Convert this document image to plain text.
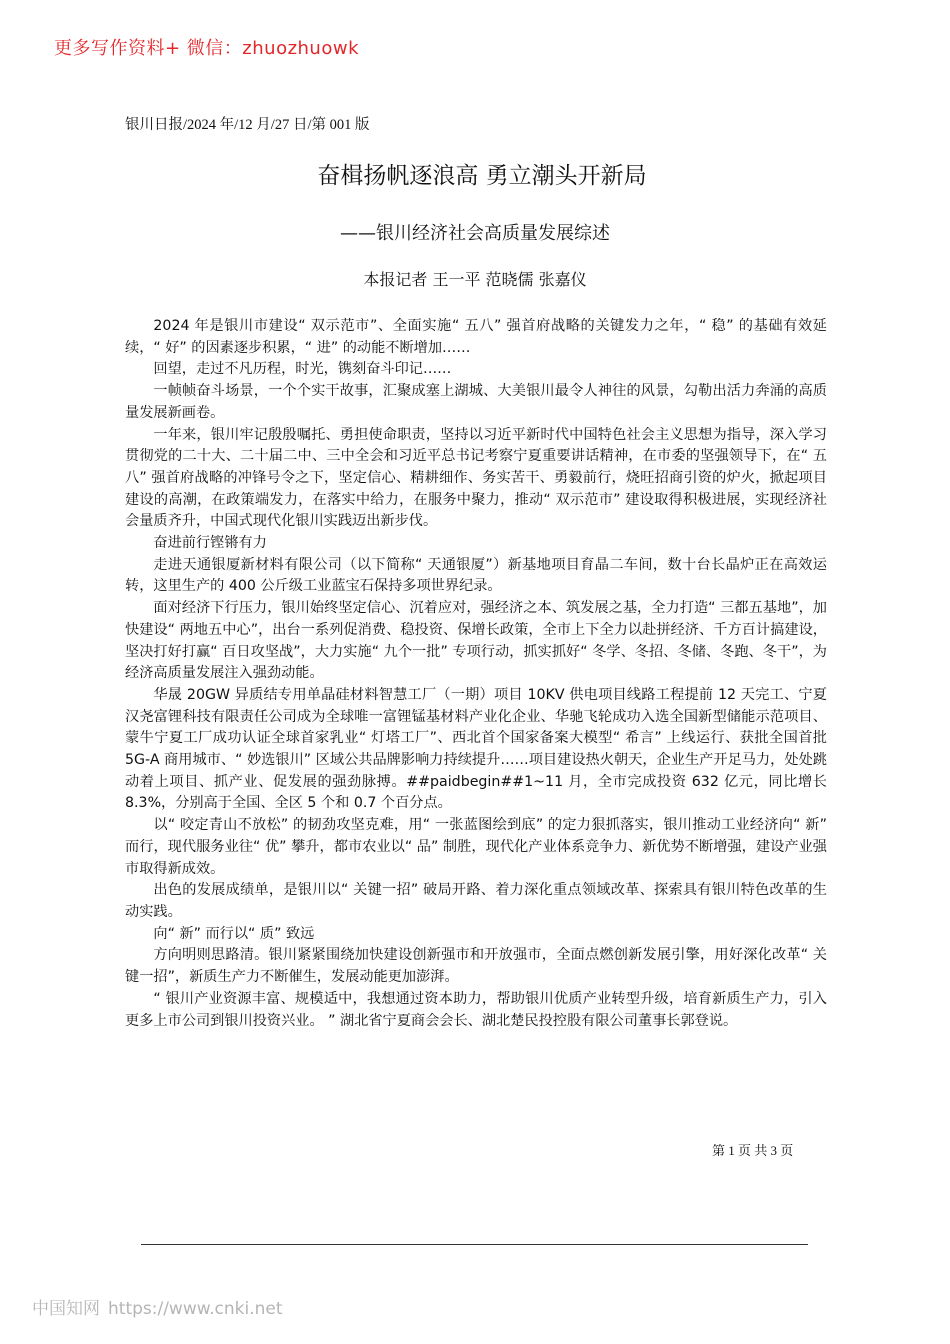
更多写作资料+ 微信：zhuozhuowk
银川日报/2024 年/12 月/27 日/第 001 版
奋楫扬帆逐浪高 勇立潮头开新局
——银川经济社会高质量发展综述
本报记者 王一平 范晓儒 张嘉仪

2024 年是银川市建设“ 双示范市”、全面实施“ 五八” 强首府战略的关键发力之年，“ 稳” 的基础有效延续，“ 好” 的因素逐步积累，“ 进” 的动能不断增加……

回望，走过不凡历程，时光，镌刻奋斗印记……

一帧帧奋斗场景，一个个实干故事，汇聚成塞上湖城、大美银川最令人神往的风景，勾勒出活力奔涌的高质量发展新画卷。

一年来，银川牢记殷殷嘱托、勇担使命职责，坚持以习近平新时代中国特色社会主义思想为指导，深入学习贯彻党的二十大、二十届二中、三中全会和习近平总书记考察宁夏重要讲话精神，在市委的坚强领导下，在“ 五八” 强首府战略的冲锋号令之下，坚定信心、精耕细作、务实苦干、勇毅前行，烧旺招商引资的炉火，掀起项目建设的高潮，在政策端发力，在落实中给力，在服务中聚力，推动“ 双示范市” 建设取得积极进展，实现经济社会量质齐升，中国式现代化银川实践迈出新步伐。

奋进前行铿锵有力

走进天通银厦新材料有限公司（以下简称“ 天通银厦”）新基地项目育晶二车间，数十台长晶炉正在高效运转，这里生产的 400 公斤级工业蓝宝石保持多项世界纪录。

面对经济下行压力，银川始终坚定信心、沉着应对，强经济之本、筑发展之基，全力打造“ 三都五基地”，加快建设“ 两地五中心”，出台一系列促消费、稳投资、保增长政策，全市上下全力以赴拼经济、千方百计搞建设，坚决打好打赢“ 百日攻坚战”，大力实施“ 九个一批” 专项行动，抓实抓好“ 冬学、冬招、冬储、冬跑、冬干”，为经济高质量发展注入强劲动能。

华晟 20GW 异质结专用单晶硅材料智慧工厂（一期）项目 10KV 供电项目线路工程提前 12 天完工、宁夏汉尧富锂科技有限责任公司成为全球唯一富锂锰基材料产业化企业、华驰飞轮成功入选全国新型储能示范项目、蒙牛宁夏工厂成功认证全球首家乳业“ 灯塔工厂”、西北首个国家备案大模型“ 希言” 上线运行、获批全国首批 5G-A 商用城市、“ 妙选银川” 区域公共品牌影响力持续提升……项目建设热火朝天，企业生产开足马力，处处跳动着上项目、抓产业、促发展的强劲脉搏。##paidbegin##1~11 月，全市完成投资 632 亿元，同比增长 8.3%，分别高于全国、全区 5 个和 0.7 个百分点。

以“ 咬定青山不放松” 的韧劲攻坚克难，用“ 一张蓝图绘到底” 的定力狠抓落实，银川推动工业经济向“ 新” 而行，现代服务业往“ 优” 攀升，都市农业以“ 品” 制胜，现代化产业体系竞争力、新优势不断增强，建设产业强市取得新成效。

出色的发展成绩单，是银川以“ 关键一招” 破局开路、着力深化重点领域改革、探索具有银川特色改革的生动实践。

向“ 新” 而行以“ 质” 致远

方向明则思路清。银川紧紧围绕加快建设创新强市和开放强市，全面点燃创新发展引擎，用好深化改革“ 关键一招”，新质生产力不断催生，发展动能更加澎湃。

“ 银川产业资源丰富、规模适中，我想通过资本助力，帮助银川优质产业转型升级，培育新质生产力，引入更多上市公司到银川投资兴业。 ” 湖北省宁夏商会会长、湖北楚民投控股有限公司董事长郭登说。

第 1 页 共 3 页
中国知网 https://www.cnki.net
